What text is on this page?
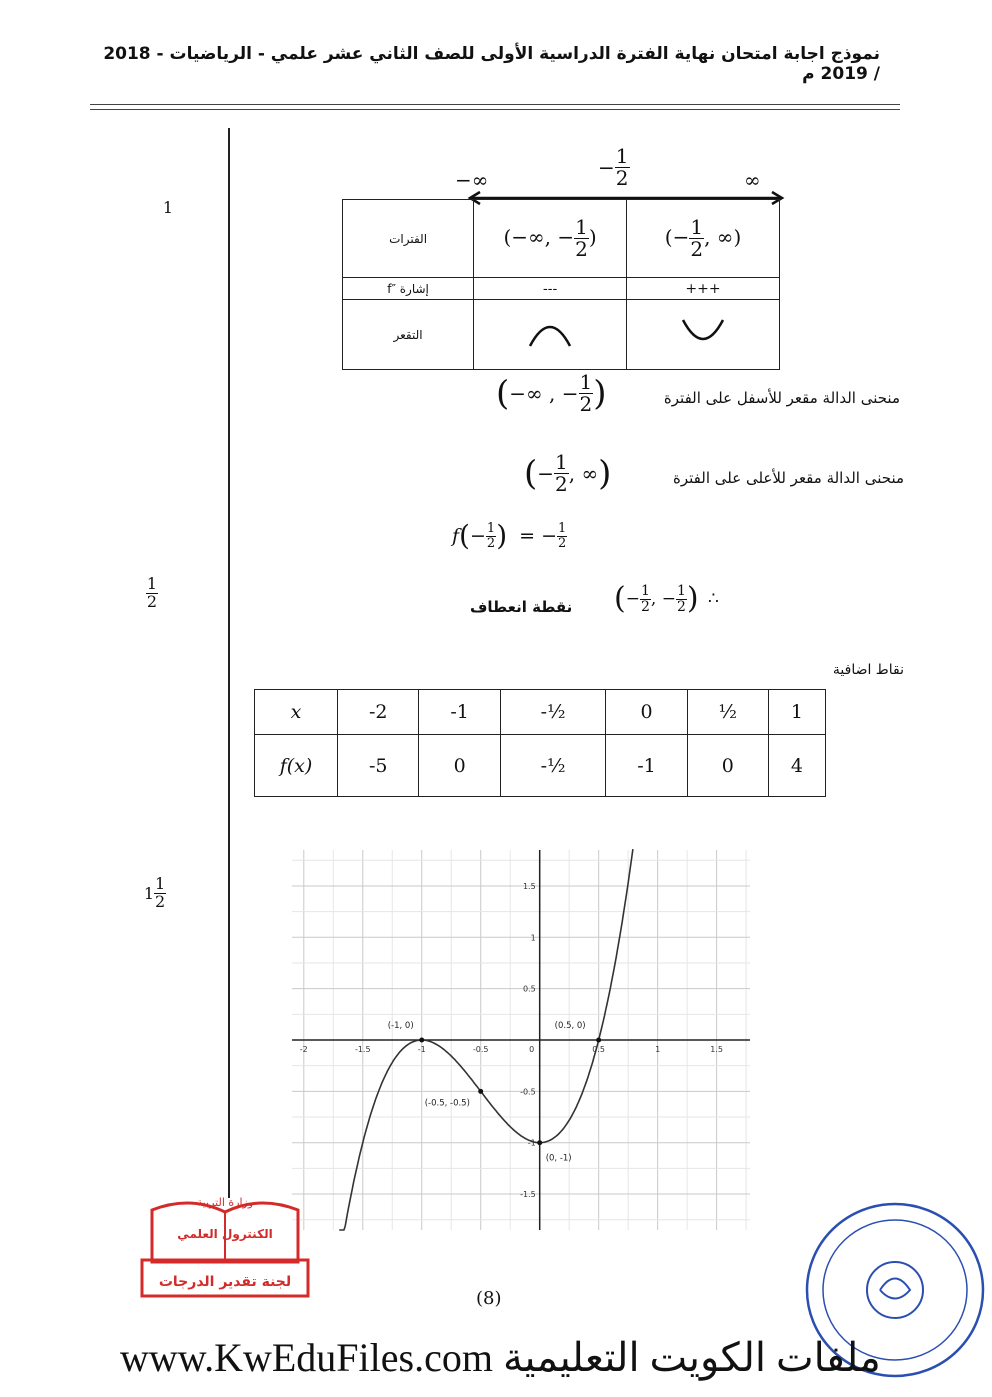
نموذج اجابة امتحان نهاية الفترة الدراسية الأولى للصف الثاني عشر علمي - الرياضيات - 2018 / 2019 م
1
$\frac{1}{2}$
$1 \frac{1}{2}$
−∞
− $\frac{1}{2}$	∞
الفترات	(−∞, − $\frac{1}{2}$ )	(− $\frac{1}{2}$ , ∞)
إشارة ″f	---	+++
التقعر		
منحنى الدالة مقعر للأسفل على الفترة
(−∞ , − $\frac{1}{2}$ )
منحنى الدالة مقعر للأعلى على الفترة
(− $\frac{1}{2}$ , ∞)
$f(- \frac{1}{2}$ ) = − $\frac{1}{2}$
نقطة انعطاف (− $\frac{1}{2}$ , − $\frac{1}{2}$ ) ∴
نقاط اضافية
x	-2	-1	-½	0	½	1
f(x)	-5	0	-½	-1	0	4
-2	-1.5	-1	-0.5	0	0.5	1	1.5
1.5
1
0.5
-0.5
-1
-1.5
(-1, 0)	(0.5, 0)
(-0.5, -0.5)
(0, -1)
وزارة التربية
الكنترول العلمي
لجنة تقدير الدرجات
(8)
www.KwEduFiles.com ملفات الكويت التعليمية
